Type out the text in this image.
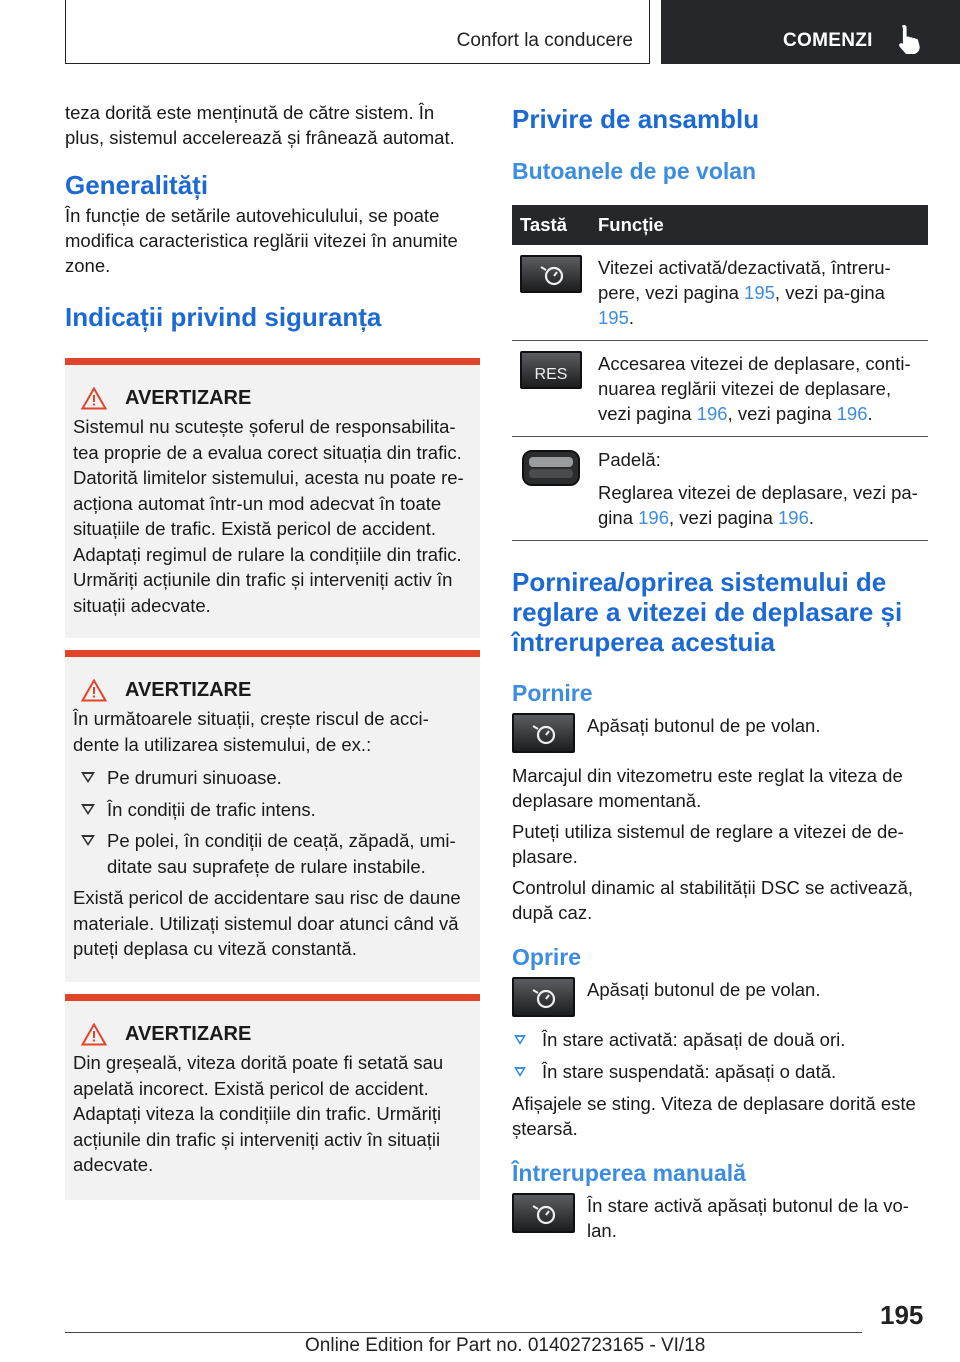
Confort la conducere	COMENZI

teza dorită este menținută de către sistem. În plus, sistemul accelerează și frânează automat.

Generalități

În funcție de setările autovehiculului, se poate modifica caracteristica reglării vitezei în anumite zone.

Indicații privind siguranța
AVERTIZARE

Sistemul nu scutește șoferul de responsabilita-tea proprie de a evalua corect situația din trafic. Datorită limitelor sistemului, acesta nu poate re-acționa automat într-un mod adecvat în toate situațiile de trafic. Există pericol de accident. Adaptați regimul de rulare la condițiile din trafic. Urmăriți acțiunile din trafic și interveniți activ în situații adecvate.

AVERTIZARE

În următoarele situații, crește riscul de acci-dente la utilizarea sistemului, de ex.:

Pe drumuri sinuoase.
În condiții de trafic intens.
Pe polei, în condiții de ceață, zăpadă, umi-ditate sau suprafețe de rulare instabile.

Există pericol de accidentare sau risc de daune materiale. Utilizați sistemul doar atunci când vă puteți deplasa cu viteză constantă.

AVERTIZARE

Din greșeală, viteza dorită poate fi setată sau apelată incorect. Există pericol de accident. Adaptați viteza la condițiile din trafic. Urmăriți acțiunile din trafic și interveniți activ în situații adecvate.

Privire de ansamblu
Butoanele de pe volan
Tastă	Funcție

	Vitezei activată/dezactivată, întreru-pere, vezi pagina 195, vezi pa-gina 195.

RES	Accesarea vitezei de deplasare, conti-nuarea reglării vitezei de deplasare, vezi pagina 196, vezi pagina 196.

Padelă:
Reglarea vitezei de deplasare, vezi pa-gina 196, vezi pagina 196.
Pornirea/oprirea sistemului de reglare a vitezei de deplasare și întreruperea acestuia
Pornire
Apăsați butonul de pe volan.

Marcajul din vitezometru este reglat la viteza de deplasare momentană.

Puteți utiliza sistemul de reglare a vitezei de de-plasare.

Controlul dinamic al stabilității DSC se activează, după caz.

Oprire
Apăsați butonul de pe volan.
În stare activată: apăsați de două ori.
În stare suspendată: apăsați o dată.

Afișajele se sting. Viteza de deplasare dorită este ștearsă.

Întreruperea manuală
În stare activă apăsați butonul de la vo-lan.
195
Online Edition for Part no. 01402723165 - VI/18
